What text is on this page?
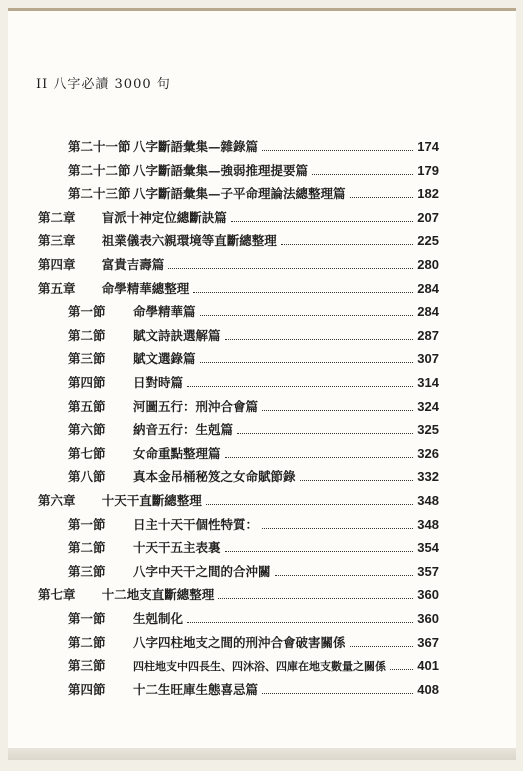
II 八字必讀 3000 句
第二十一節 八字斷語彙集—雜錄篇	174
第二十二節 八字斷語彙集—強弱推理提要篇	179
第二十三節 八字斷語彙集—子平命理論法總整理篇	182
第二章	盲派十神定位總斷訣篇	207
第三章	祖業儀表六親環境等直斷總整理	225
第四章	富貴吉壽篇	280
第五章	命學精華總整理	284
第一節	命學精華篇	284
第二節	賦文詩訣選解篇	287
第三節	賦文選錄篇	307
第四節	日對時篇	314
第五節	河圖五行：刑沖合會篇	324
第六節	納音五行：生剋篇	325
第七節	女命重點整理篇	326
第八節	真本金吊桶秘笈之女命賦節錄	332
第六章	十天干直斷總整理	348
第一節	日主十天干個性特質：	348
第二節	十天干五主表裏	354
第三節	八字中天干之間的合沖關	357
第七章	十二地支直斷總整理	360
第一節	生剋制化	360
第二節	八字四柱地支之間的刑沖合會破害關係	367
第三節	四柱地支中四長生、四沐浴、四庫在地支數量之關係 401
第四節	十二生旺庫生態喜忌篇	408
